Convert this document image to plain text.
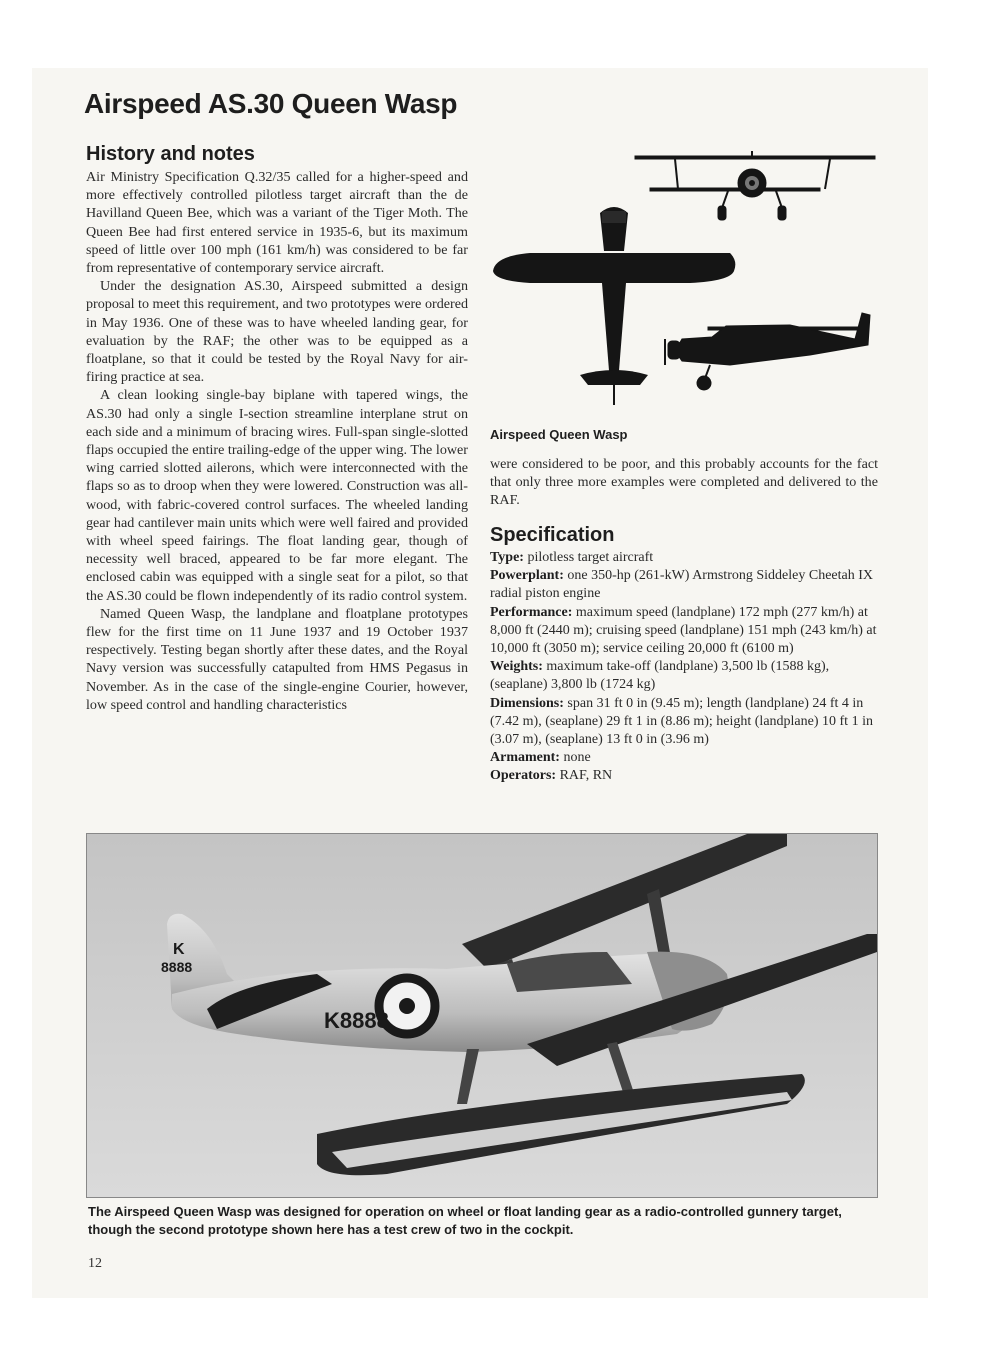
Airspeed AS.30 Queen Wasp
History and notes

Air Ministry Specification Q.32/35 called for a higher-speed and more effectively controlled pilotless target aircraft than the de Havilland Queen Bee, which was a variant of the Tiger Moth. The Queen Bee had first entered service in 1935-6, but its maximum speed of little over 100 mph (161 km/h) was considered to be far from representative of contemporary service aircraft.

Under the designation AS.30, Airspeed submitted a design proposal to meet this requirement, and two prototypes were ordered in May 1936. One of these was to have wheeled landing gear, for evaluation by the RAF; the other was to be equipped as a floatplane, so that it could be tested by the Royal Navy for air-firing practice at sea.

A clean looking single-bay biplane with tapered wings, the AS.30 had only a single I-section streamline interplane strut on each side and a minimum of bracing wires. Full-span single-slotted flaps occupied the entire trailing-edge of the upper wing. The lower wing carried slotted ailerons, which were interconnected with the flaps so as to droop when they were lowered. Construction was all-wood, with fabric-covered control surfaces. The wheeled landing gear had cantilever main units which were well faired and provided with wheel speed fairings. The float landing gear, though of necessity well braced, appeared to be far more elegant. The enclosed cabin was equipped with a single seat for a pilot, so that the AS.30 could be flown independently of its radio control system.

Named Queen Wasp, the landplane and floatplane prototypes flew for the first time on 11 June 1937 and 19 October 1937 respectively. Testing began shortly after these dates, and the Royal Navy version was successfully catapulted from HMS Pegasus in November. As in the case of the single-engine Courier, however, low speed control and handling characteristics

Airspeed Queen Wasp

were considered to be poor, and this probably accounts for the fact that only three more examples were completed and delivered to the RAF.

Specification

Type: pilotless target aircraft

Powerplant: one 350-hp (261-kW) Armstrong Siddeley Cheetah IX radial piston engine

Performance: maximum speed (landplane) 172 mph (277 km/h) at 8,000 ft (2440 m); cruising speed (landplane) 151 mph (243 km/h) at 10,000 ft (3050 m); service ceiling 20,000 ft (6100 m)

Weights: maximum take-off (landplane) 3,500 lb (1588 kg), (seaplane) 3,800 lb (1724 kg)

Dimensions: span 31 ft 0 in (9.45 m); length (landplane) 24 ft 4 in (7.42 m), (seaplane) 29 ft 1 in (8.86 m); height (landplane) 10 ft 1 in (3.07 m), (seaplane) 13 ft 0 in (3.96 m)

Armament: none

Operators: RAF, RN

K8888
K
8888
The Airspeed Queen Wasp was designed for operation on wheel or float landing gear as a radio-controlled gunnery target, though the second prototype shown here has a test crew of two in the cockpit.
12
